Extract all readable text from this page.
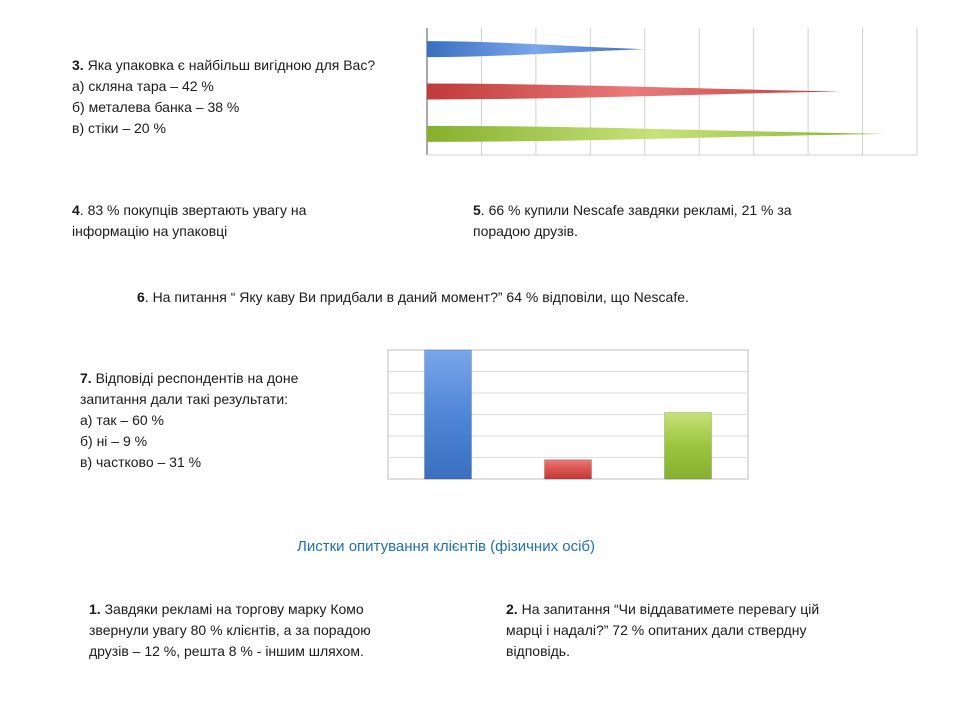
3. Яка упаковка є найбільш вигідною для Вас?
а) скляна тара – 42 %
б) металева банка – 38 %
в) стіки – 20 %
4. 83 % покупців звертають увагу на
інформацію на упаковці
5. 66 % купили Nescafe завдяки рекламі, 21 % за
порадою друзів.
6. На питання “ Яку каву Ви придбали в даний момент?” 64 % відповіли, що Nescafe.
7. Відповіді респондентів на доне
запитання дали такі результати:
а) так – 60 %
б) ні – 9 %
в) частково – 31 %
Листки опитування клієнтів (фізичних осіб)
1. Завдяки рекламі на торгову марку Комо
звернули увагу 80 % клієнтів, а за порадою
друзів – 12 %, решта 8 % - іншим шляхом.
2. На запитання “Чи віддаватимете перевагу цій
марці і надалі?” 72 % опитаних дали ствердну
відповідь.
